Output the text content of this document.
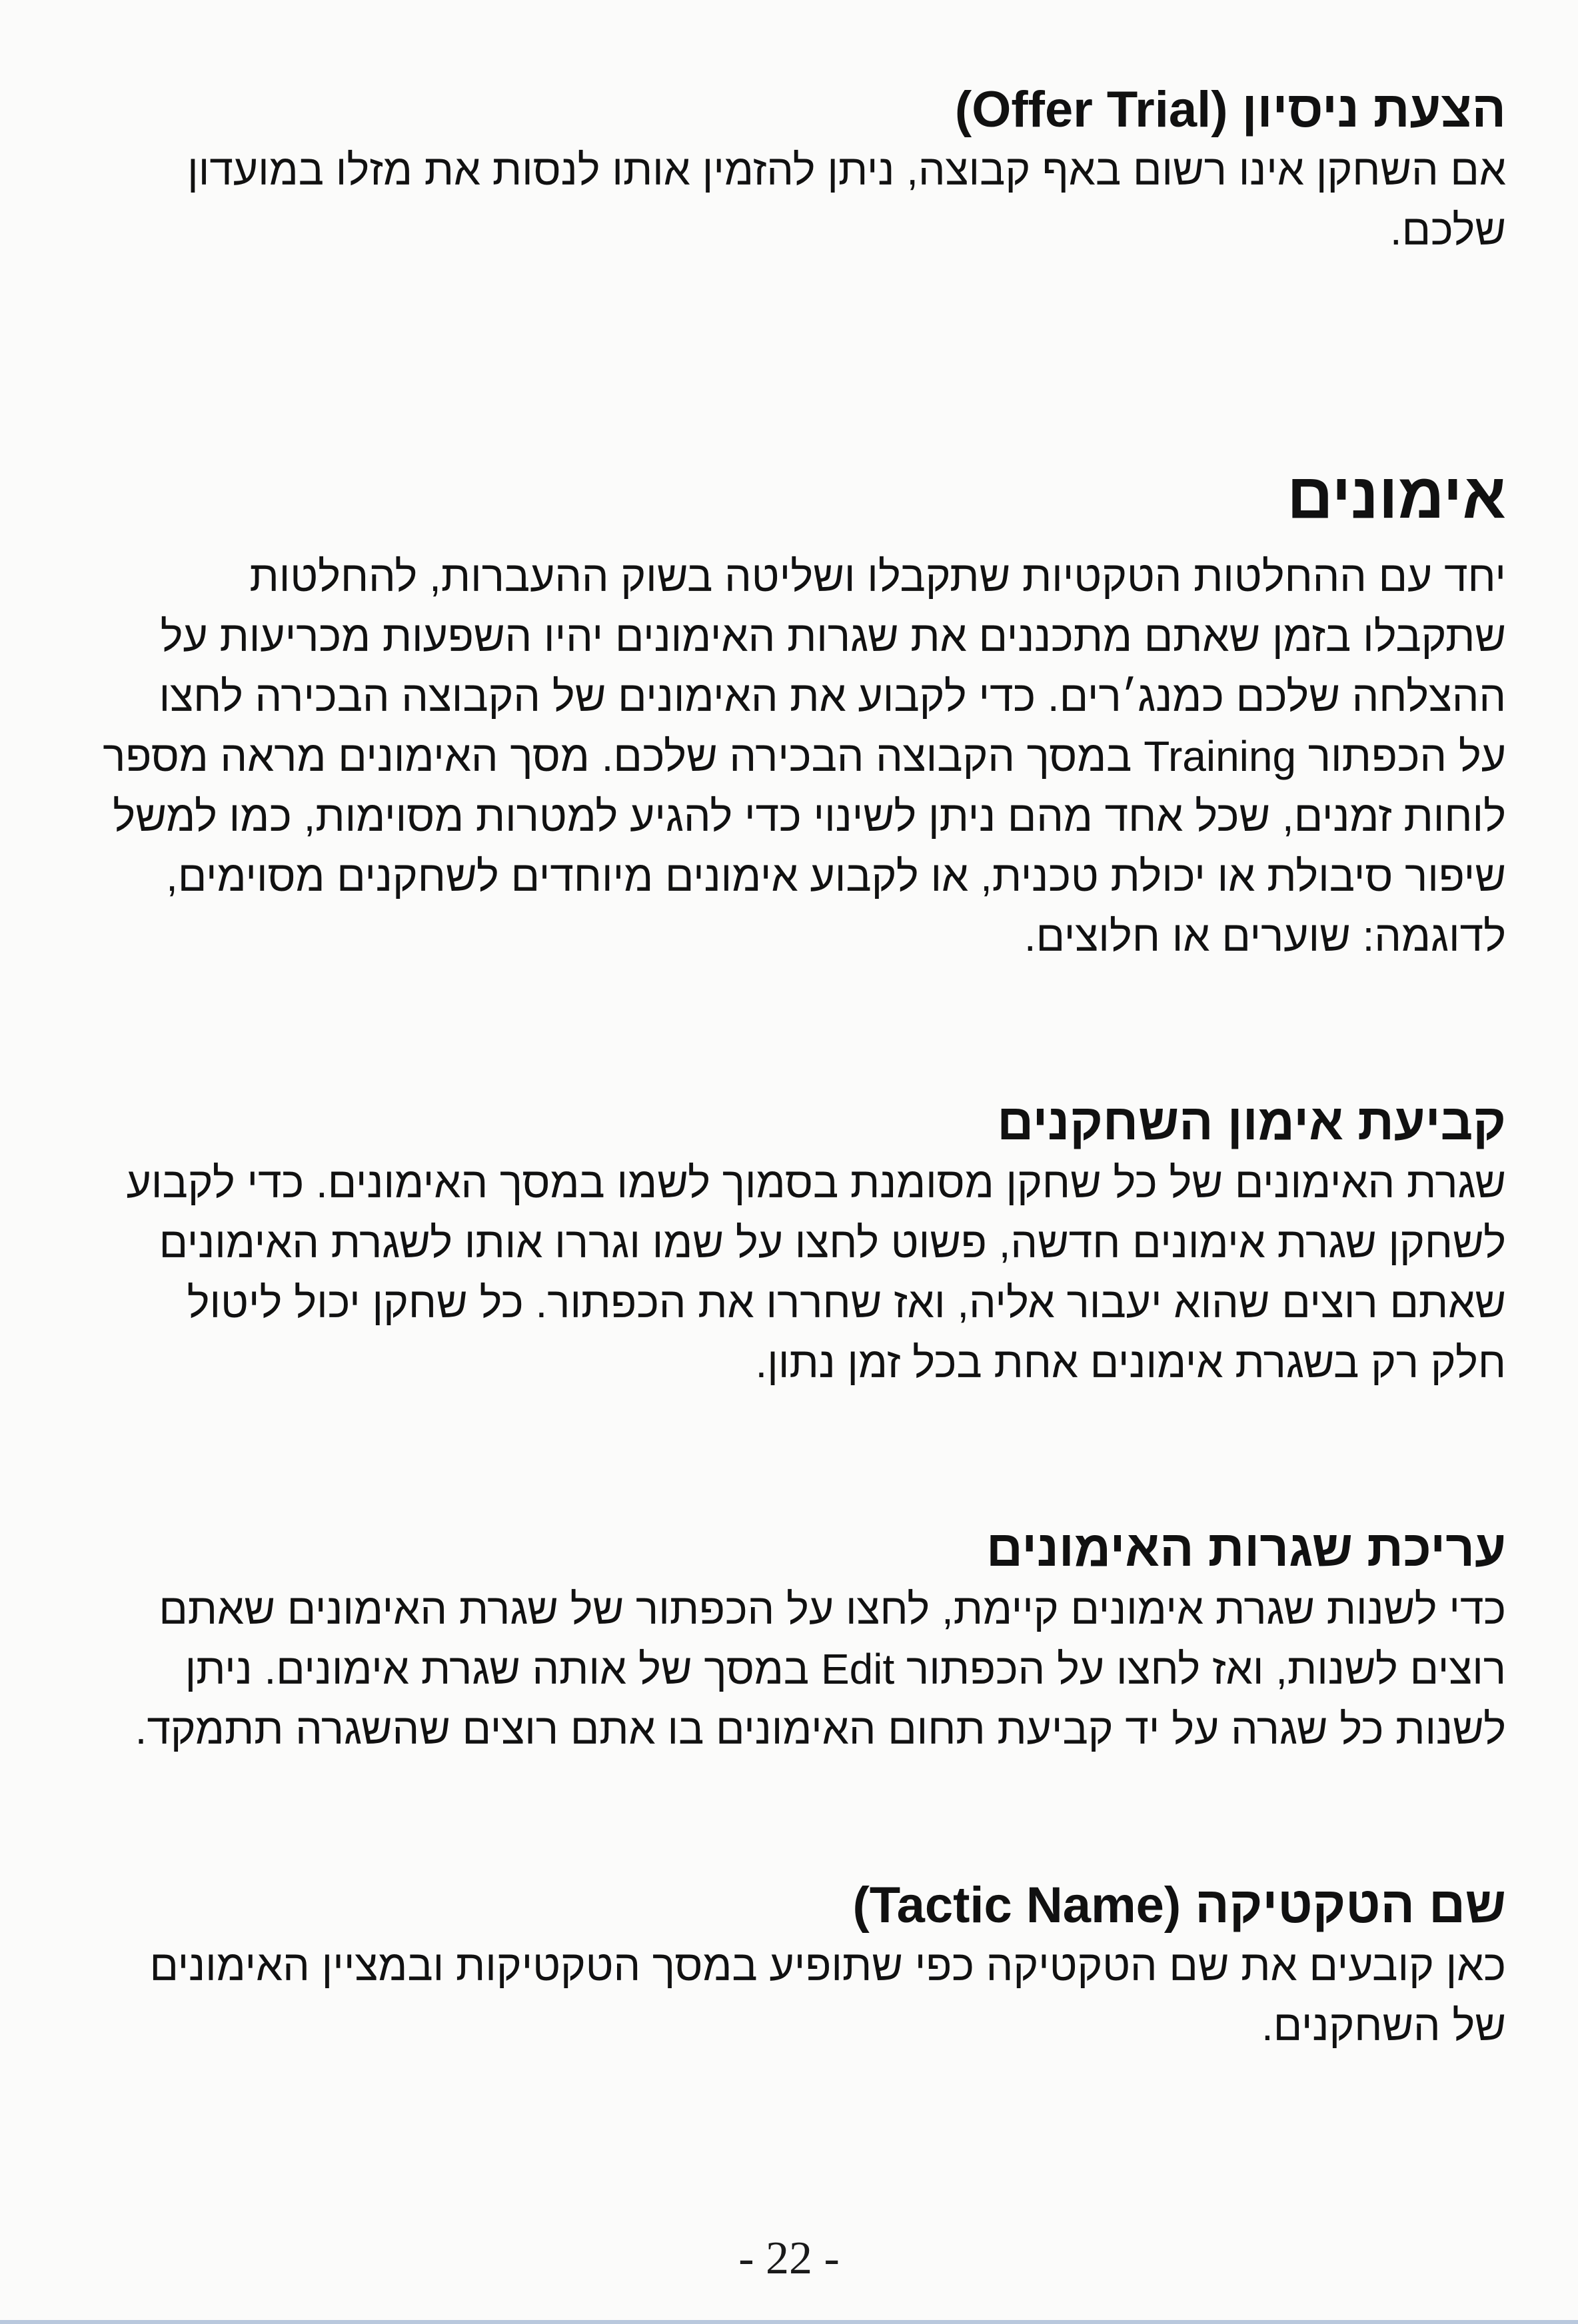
הצעת ניסיון (Offer Trial)

אם השחקן אינו רשום באף קבוצה, ניתן להזמין אותו לנסות את מזלו במועדון שלכם.

אימונים

יחד עם ההחלטות הטקטיות שתקבלו ושליטה בשוק ההעברות, להחלטות שתקבלו בזמן שאתם מתכננים את שגרות האימונים יהיו השפעות מכריעות על ההצלחה שלכם כמנג׳רים. כדי לקבוע את האימונים של הקבוצה הבכירה לחצו על הכפתור Training במסך הקבוצה הבכירה שלכם. מסך האימונים מראה מספר לוחות זמנים, שכל אחד מהם ניתן לשינוי כדי להגיע למטרות מסוימות, כמו למשל שיפור סיבולת או יכולת טכנית, או לקבוע אימונים מיוחדים לשחקנים מסוימים, לדוגמה: שוערים או חלוצים.

קביעת אימון השחקנים

שגרת האימונים של כל שחקן מסומנת בסמוך לשמו במסך האימונים. כדי לקבוע לשחקן שגרת אימונים חדשה, פשוט לחצו על שמו וגררו אותו לשגרת האימונים שאתם רוצים שהוא יעבור אליה, ואז שחררו את הכפתור. כל שחקן יכול ליטול חלק רק בשגרת אימונים אחת בכל זמן נתון.

עריכת שגרות האימונים

כדי לשנות שגרת אימונים קיימת, לחצו על הכפתור של שגרת האימונים שאתם רוצים לשנות, ואז לחצו על הכפתור Edit במסך של אותה שגרת אימונים. ניתן לשנות כל שגרה על יד קביעת תחום האימונים בו אתם רוצים שהשגרה תתמקד.

שם הטקטיקה (Tactic Name)

כאן קובעים את שם הטקטיקה כפי שתופיע במסך הטקטיקות ובמציין האימונים של השחקנים.

- 22 -
